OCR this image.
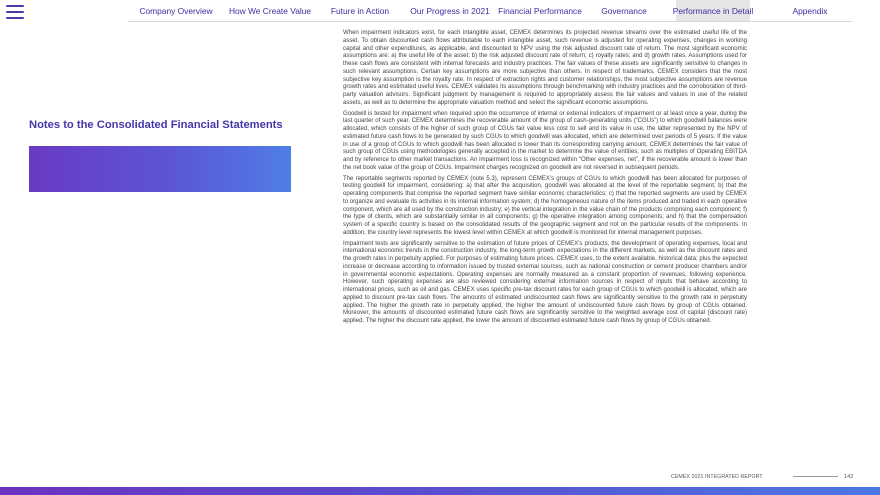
Company Overview	How We Create Value	Future in Action	Our Progress in 2021 Financial Performance	Governance	Performance in Detail	Appendix
Notes to the Consolidated Financial Statements

When impairment indicators exist, for each intangible asset, CEMEX determines its projected revenue streams over the estimated useful life of the asset. To obtain discounted cash flows attributable to each intangible asset, such revenue is adjusted for operating expenses, changes in working capital and other expenditures, as applicable, and discounted to NPV using the risk adjusted discount rate of return. The most significant economic assumptions are: a) the useful life of the asset; b) the risk adjusted discount rate of return; c) royalty rates; and d) growth rates. Assumptions used for these cash flows are consistent with internal forecasts and industry practices. The fair values of these assets are significantly sensitive to changes in such relevant assumptions. Certain key assumptions are more subjective than others. In respect of trademarks, CEMEX considers that the most subjective key assumption is the royalty rate. In respect of extraction rights and customer relationships, the most subjective assumptions are revenue growth rates and estimated useful lives. CEMEX validates its assumptions through benchmarking with industry practices and the corroboration of third-party valuation advisors. Significant judgment by management is required to appropriately assess the fair values and values in use of the related assets, as well as to determine the appropriate valuation method and select the significant economic assumptions.

Goodwill is tested for impairment when required upon the occurrence of internal or external indicators of impairment or at least once a year, during the last quarter of such year. CEMEX determines the recoverable amount of the group of cash-generating units (“CGUs”) to which goodwill balances were allocated, which consists of the higher of such group of CGUs fair value less cost to sell and its value in use, the latter represented by the NPV of estimated future cash flows to be generated by such CGUs to which goodwill was allocated, which are determined over periods of 5 years. If the value in use of a group of CGUs to which goodwill has been allocated is lower than its corresponding carrying amount, CEMEX determines the fair value of such group of CGUs using methodologies generally accepted in the market to determine the value of entities, such as multiples of Operating EBITDA and by reference to other market transactions. An impairment loss is recognized within “Other expenses, net”, if the recoverable amount is lower than the net book value of the group of CGUs. Impairment charges recognized on goodwill are not reversed in subsequent periods.

The reportable segments reported by CEMEX (note 5.3), represent CEMEX’s groups of CGUs to which goodwill has been allocated for purposes of testing goodwill for impairment, considering: a) that after the acquisition, goodwill was allocated at the level of the reportable segment; b) that the operating components that comprise the reported segment have similar economic characteristics; c) that the reported segments are used by CEMEX to organize and evaluate its activities in its internal information system; d) the homogeneous nature of the items produced and traded in each operative component, which are all used by the construction industry; e) the vertical integration in the value chain of the products comprising each component; f) the type of clients, which are substantially similar in all components; g) the operative integration among components; and h) that the compensation system of a specific country is based on the consolidated results of the geographic segment and not on the particular results of the components. In addition, the country level represents the lowest level within CEMEX at which goodwill is monitored for internal management purposes.

Impairment tests are significantly sensitive to the estimation of future prices of CEMEX’s products, the development of operating expenses, local and international economic trends in the construction industry, the long-term growth expectations in the different markets, as well as the discount rates and the growth rates in perpetuity applied. For purposes of estimating future prices, CEMEX uses, to the extent available, historical data; plus the expected increase or decrease according to information issued by trusted external sources, such as national construction or cement producer chambers and/or in governmental economic expectations. Operating expenses are normally measured as a constant proportion of revenues, following experience. However, such operating expenses are also reviewed considering external information sources in respect of inputs that behave according to international prices, such as oil and gas. CEMEX uses specific pre-tax discount rates for each group of CGUs to which goodwill is allocated, which are applied to discount pre-tax cash flows. The amounts of estimated undiscounted cash flows are significantly sensitive to the growth rate in perpetuity applied. The higher the growth rate in perpetuity applied, the higher the amount of undiscounted future cash flows by group of CGUs obtained. Moreover, the amounts of discounted estimated future cash flows are significantly sensitive to the weighted average cost of capital (discount rate) applied. The higher the discount rate applied, the lower the amount of discounted estimated future cash flows by group of CGUs obtained.

CEMEX 2021 INTEGRATED REPORT	142
